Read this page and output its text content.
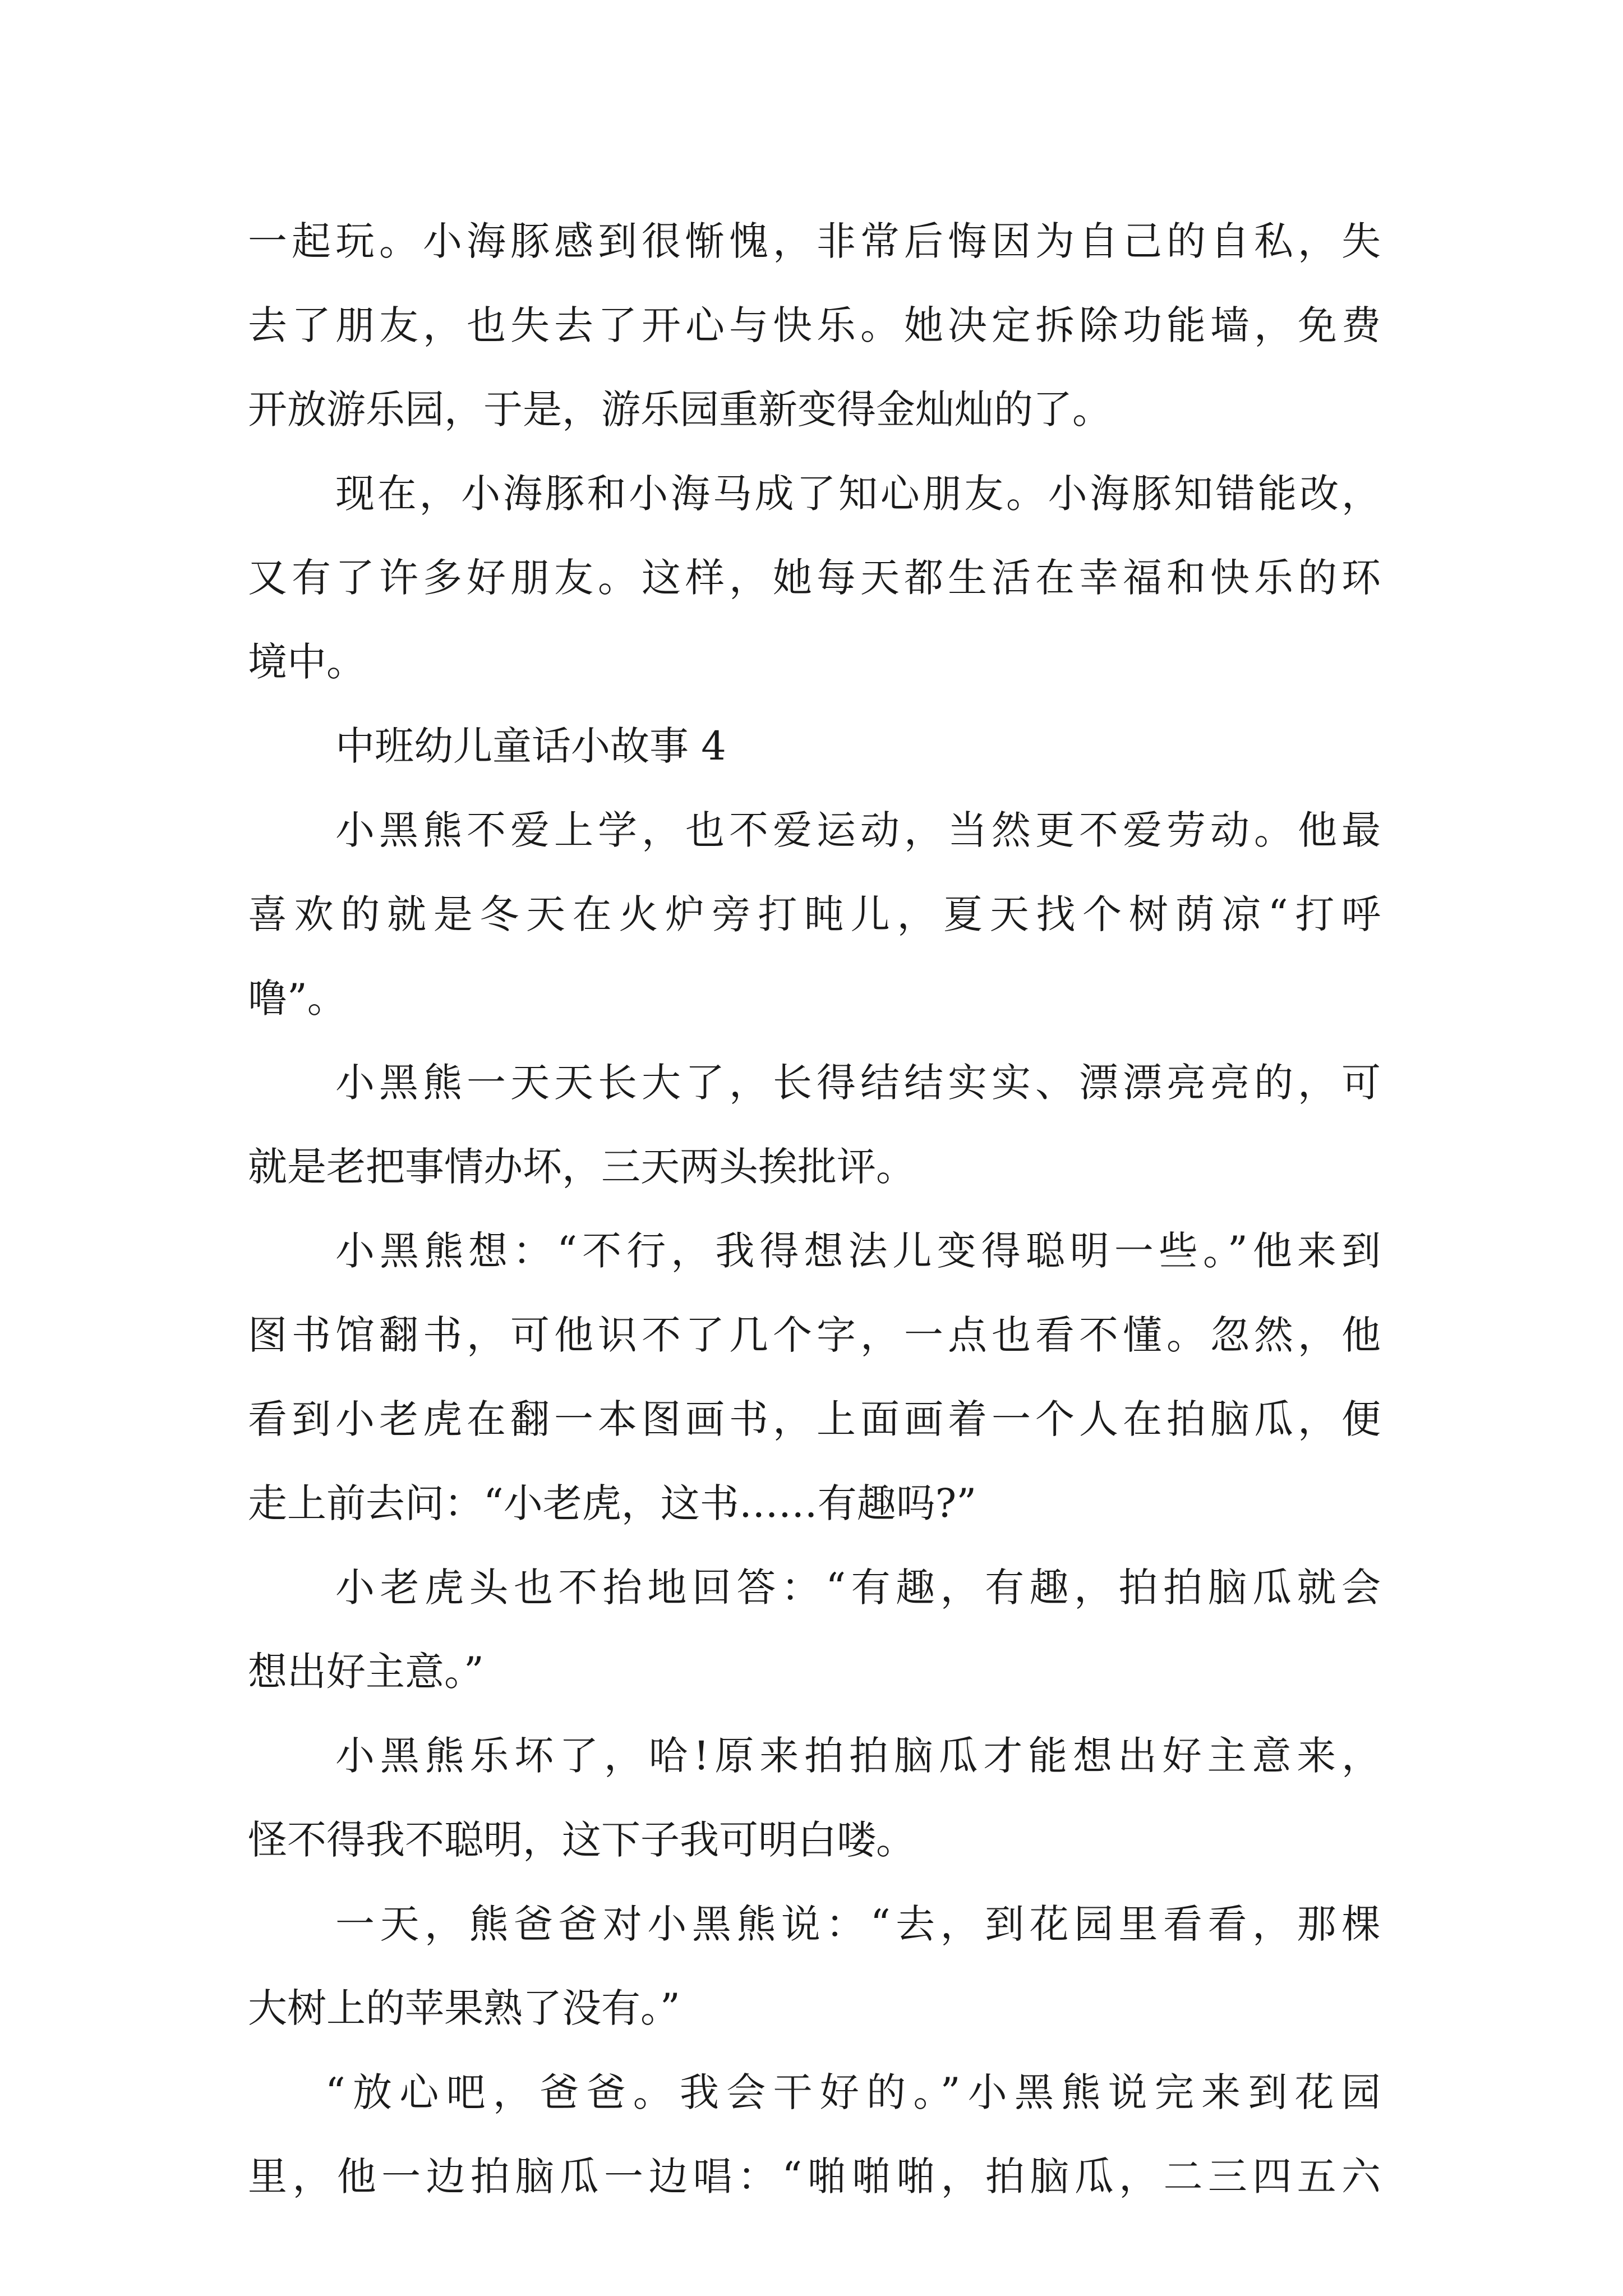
一起玩。小海豚感到很惭愧，非常后悔因为自己的自私，失
去了朋友，也失去了开心与快乐。她决定拆除功能墙，免费
开放游乐园，于是，游乐园重新变得金灿灿的了。
现在，小海豚和小海马成了知心朋友。小海豚知错能改，
又有了许多好朋友。这样，她每天都生活在幸福和快乐的环
境中。
中班幼儿童话小故事 4
小黑熊不爱上学，也不爱运动，当然更不爱劳动。他最
喜欢的就是冬天在火炉旁打盹儿，夏天找个树荫凉“打呼
噜”。
小黑熊一天天长大了，长得结结实实、漂漂亮亮的，可
就是老把事情办坏，三天两头挨批评。
小黑熊想：“不行，我得想法儿变得聪明一些。”他来到
图书馆翻书，可他识不了几个字，一点也看不懂。忽然，他
看到小老虎在翻一本图画书，上面画着一个人在拍脑瓜，便
走上前去问：“小老虎，这书……有趣吗?”
小老虎头也不抬地回答：“有趣，有趣，拍拍脑瓜就会
想出好主意。”
小黑熊乐坏了，哈!原来拍拍脑瓜才能想出好主意来，
怪不得我不聪明，这下子我可明白喽。
一天，熊爸爸对小黑熊说：“去，到花园里看看，那棵
大树上的苹果熟了没有。”
“放心吧，爸爸。我会干好的。”小黑熊说完来到花园
里，他一边拍脑瓜一边唱：“啪啪啪，拍脑瓜，二三四五六
